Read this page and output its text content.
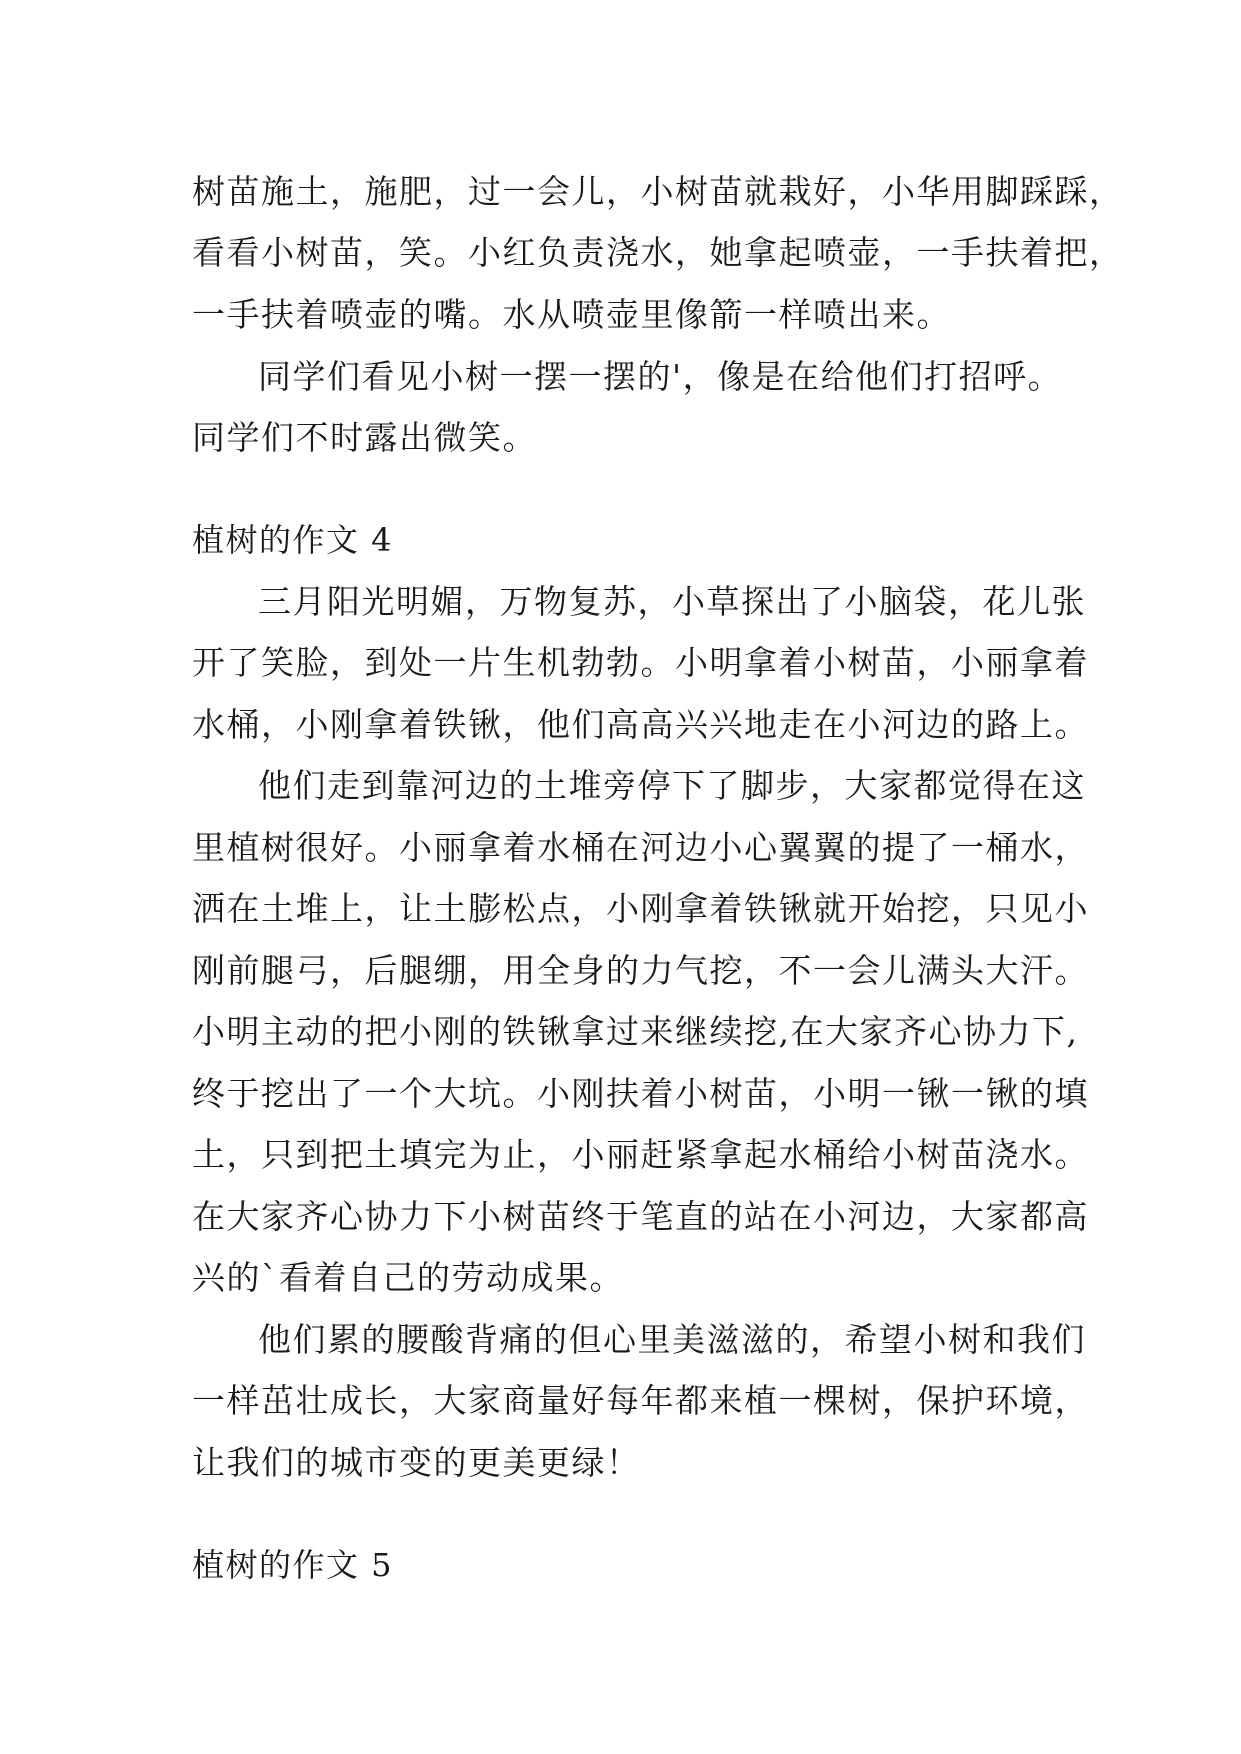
树苗施土，施肥，过一会儿，小树苗就栽好，小华用脚踩踩，
看看小树苗，笑。小红负责浇水，她拿起喷壶，一手扶着把，
一手扶着喷壶的嘴。水从喷壶里像箭一样喷出来。
同学们看见小树一摆一摆的'，像是在给他们打招呼。
同学们不时露出微笑。
植树的作文 4
三月阳光明媚，万物复苏，小草探出了小脑袋，花儿张
开了笑脸，到处一片生机勃勃。小明拿着小树苗，小丽拿着
水桶，小刚拿着铁锹，他们高高兴兴地走在小河边的路上。
他们走到靠河边的土堆旁停下了脚步，大家都觉得在这
里植树很好。小丽拿着水桶在河边小心翼翼的提了一桶水，
洒在土堆上，让土膨松点，小刚拿着铁锹就开始挖，只见小
刚前腿弓，后腿绷，用全身的力气挖，不一会儿满头大汗。
小明主动的把小刚的铁锹拿过来继续挖,在大家齐心协力下,
终于挖出了一个大坑。小刚扶着小树苗，小明一锹一锹的填
土，只到把土填完为止，小丽赶紧拿起水桶给小树苗浇水。
在大家齐心协力下小树苗终于笔直的站在小河边，大家都高
兴的`看着自己的劳动成果。
他们累的腰酸背痛的但心里美滋滋的，希望小树和我们
一样茁壮成长，大家商量好每年都来植一棵树，保护环境，
让我们的城市变的更美更绿！
植树的作文 5
